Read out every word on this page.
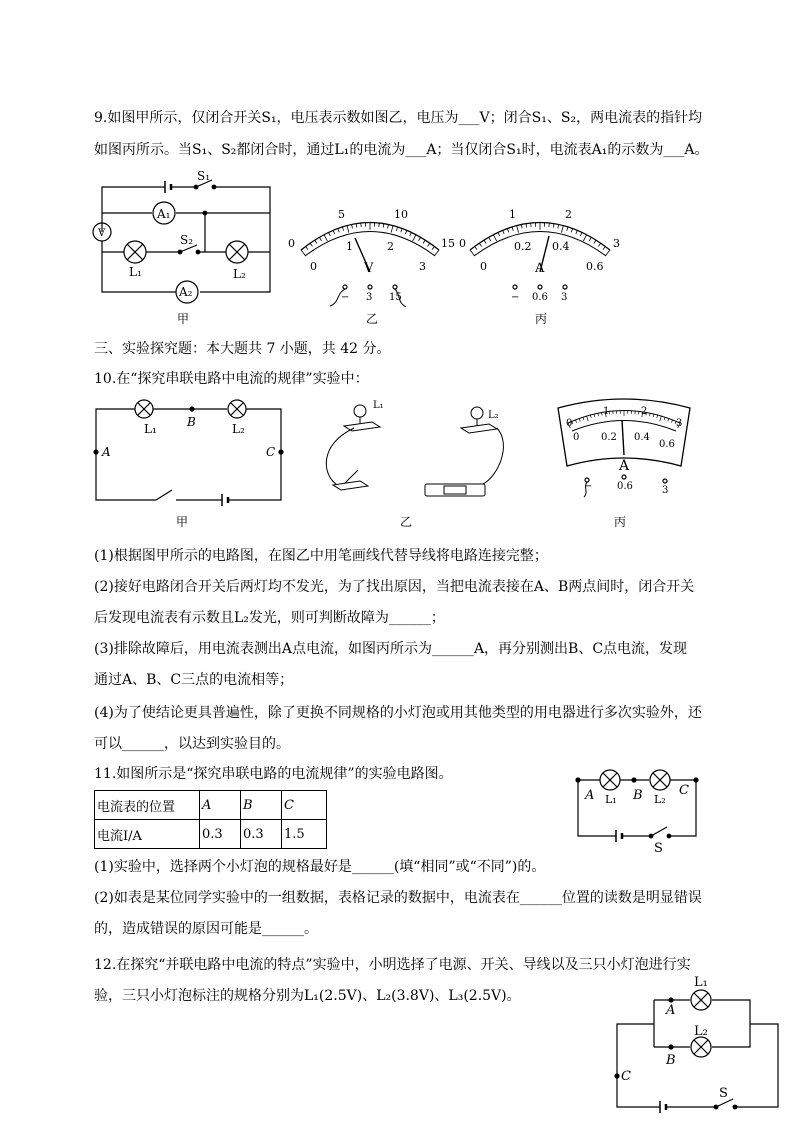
9.如图甲所示，仅闭合开关S₁，电压表示数如图乙，电压为___V；闭合S₁、S₂，两电流表的指针均
如图丙所示。当S₁、S₂都闭合时，通过L₁的电流为___A；当仅闭合S₁时，电流表A₁的示数为___A。
三、实验探究题：本大题共 7 小题，共 42 分。
10.在“探究串联电路中电流的规律”实验中：
(1)根据图甲所示的电路图，在图乙中用笔画线代替导线将电路连接完整；
(2)接好电路闭合开关后两灯均不发光，为了找出原因，当把电流表接在A、B两点间时，闭合开关
后发现电流表有示数且L₂发光，则可判断故障为______；
(3)排除故障后，用电流表测出A点电流，如图丙所示为______A，再分别测出B、C点电流，发现
通过A、B、C三点的电流相等；
(4)为了使结论更具普遍性，除了更换不同规格的小灯泡或用其他类型的用电器进行多次实验外，还
可以______，以达到实验目的。
11.如图所示是“探究串联电路的电流规律”的实验电路图。
电流表的位置	A	B	C
电流I/A	0.3	0.3	1.5
(1)实验中，选择两个小灯泡的规格最好是______(填“相同”或“不同”)的。
(2)如表是某位同学实验中的一组数据，表格记录的数据中，电流表在______位置的读数是明显错误
的，造成错误的原因可能是______。
12.在探究“并联电路中电流的特点”实验中，小明选择了电源、开关、导线以及三只小灯泡进行实
验，三只小灯泡标注的规格分别为L₁(2.5V)、L₂(3.8V)、L₃(2.5V)。
S₁
A₁
V	S₂
L₁	L₂
A₂
甲	乙	丙
0
5	10
15
0
1	2
3
V
− 3 15
0
1	2
3
0
0.2 0.4
0.6
A
− 0.6 3
L₁	L₂
B
A	C
甲	乙	丙
L₁
L₂
0
1	2
3
0 0.2 0.4
0.6
A
− 0.6	3
A L₁ B L₂
C
S
L₁
A
L₂
B
C
S
